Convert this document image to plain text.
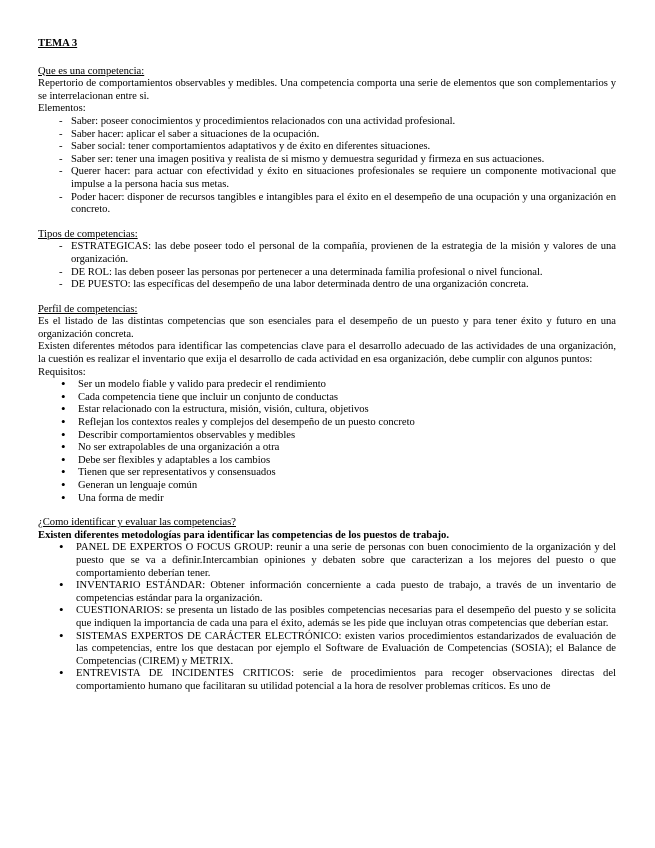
TEMA 3
Que es una competencia:
Repertorio de comportamientos observables y medibles. Una competencia comporta una serie de elementos que son complementarios y se interrelacionan entre si.
Elementos:
- Saber: poseer conocimientos y procedimientos relacionados con una actividad profesional.
- Saber hacer: aplicar el saber a situaciones de la ocupación.
- Saber social: tener comportamientos adaptativos y de éxito en diferentes situaciones.
- Saber ser: tener una imagen positiva y realista de si mismo y demuestra seguridad y firmeza en sus actuaciones.
- Querer hacer: para actuar con efectividad y éxito en situaciones profesionales se requiere un componente motivacional que impulse a la persona hacia sus metas.
- Poder hacer: disponer de recursos tangibles e intangibles para el éxito en el desempeño de una ocupación y una organización en concreto.
Tipos de competencias:
- ESTRATEGICAS: las debe poseer todo el personal de la compañía, provienen de la estrategia de la misión y valores de una organización.
- DE ROL: las deben poseer las personas por pertenecer a una determinada familia profesional o nivel funcional.
- DE PUESTO: las específicas del desempeño de una labor determinada dentro de una organización concreta.
Perfil de competencias:
Es el listado de las distintas competencias que son esenciales para el desempeño de un puesto y para tener éxito y futuro en una organización concreta.
Existen diferentes métodos para identificar las competencias clave para el desarrollo adecuado de las actividades de una organización, la cuestión es realizar el inventario que exija el desarrollo de cada actividad en esa organización, debe cumplir con algunos puntos:
Requisitos:
• Ser un modelo fiable y valido para predecir el rendimiento
• Cada competencia tiene que incluir un conjunto de conductas
• Estar relacionado con la estructura, misión, visión, cultura, objetivos
• Reflejan los contextos reales y complejos del desempeño de un puesto concreto
• Describir comportamientos observables y medibles
• No ser extrapolables de una organización a otra
• Debe ser flexibles y adaptables a los cambios
• Tienen que ser representativos y consensuados
• Generan un lenguaje común
• Una forma de medir
¿Como identificar y evaluar las competencias?
Existen diferentes metodologías para identificar las competencias de los puestos de trabajo.
• PANEL DE EXPERTOS O FOCUS GROUP: reunir a una serie de personas con buen conocimiento de la organización y del puesto que se va a definir.Intercambian opiniones y debaten sobre que caracterizan a los mejores del puesto o que comportamiento deberían tener.
• INVENTARIO ESTÁNDAR: Obtener información concerniente a cada puesto de trabajo, a través de un inventario de competencias estándar para la organización.
• CUESTIONARIOS: se presenta un listado de las posibles competencias necesarias para el desempeño del puesto y se solicita que indiquen la importancia de cada una para el éxito, además se les pide que incluyan otras competencias que deberían estar.
• SISTEMAS EXPERTOS DE CARÁCTER ELECTRÓNICO: existen varios procedimientos estandarizados de evaluación de las competencias, entre los que destacan por ejemplo el Software de Evaluación de Competencias (SOSIA); el Balance de Competencias (CIREM) y METRIX.
• ENTREVISTA DE INCIDENTES CRITICOS: serie de procedimientos para recoger observaciones directas del comportamiento humano que facilitaran su utilidad potencial a la hora de resolver problemas críticos. Es uno de
